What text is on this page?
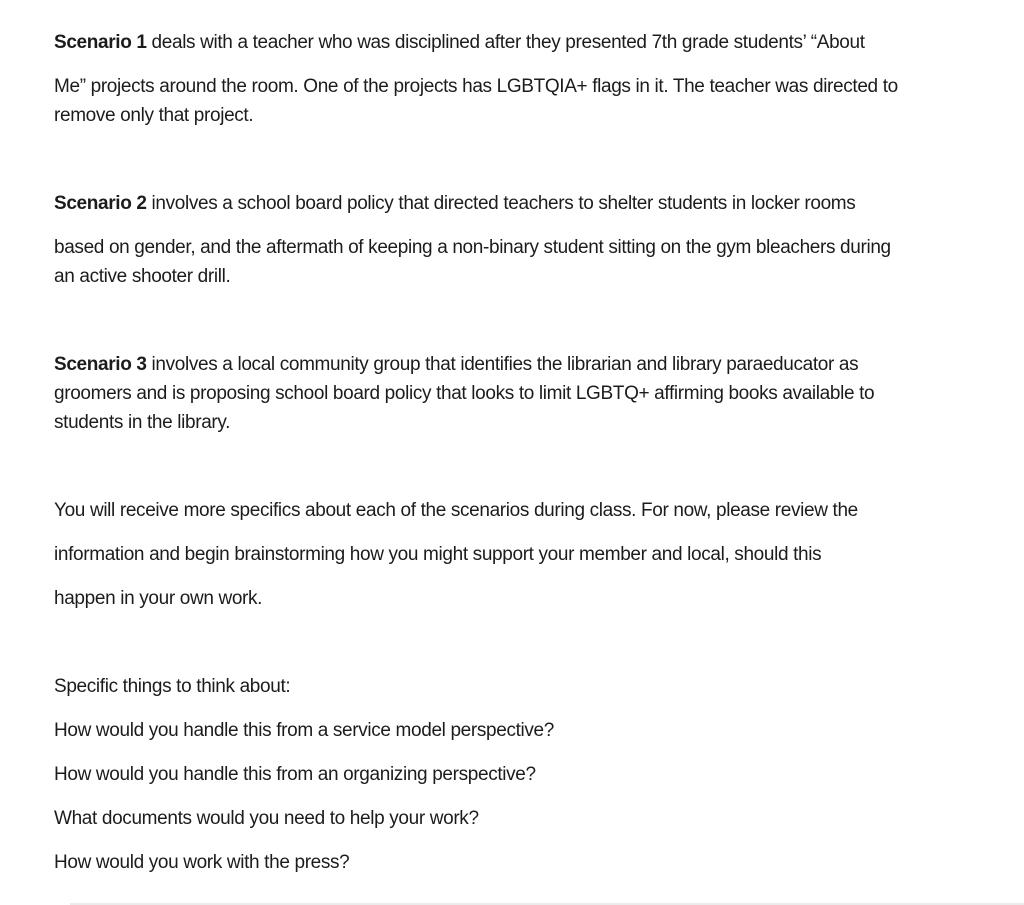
Scenario 1 deals with a teacher who was disciplined after they presented 7th grade students’ “About
Me” projects around the room. One of the projects has LGBTQIA+ flags in it. The teacher was directed to
remove only that project.
Scenario 2 involves a school board policy that directed teachers to shelter students in locker rooms
based on gender, and the aftermath of keeping a non-binary student sitting on the gym bleachers during
an active shooter drill.
Scenario 3 involves a local community group that identifies the librarian and library paraeducator as
groomers and is proposing school board policy that looks to limit LGBTQ+ affirming books available to
students in the library.
You will receive more specifics about each of the scenarios during class. For now, please review the
information and begin brainstorming how you might support your member and local, should this
happen in your own work.
Specific things to think about:
How would you handle this from a service model perspective?
How would you handle this from an organizing perspective?
What documents would you need to help your work?
How would you work with the press?
